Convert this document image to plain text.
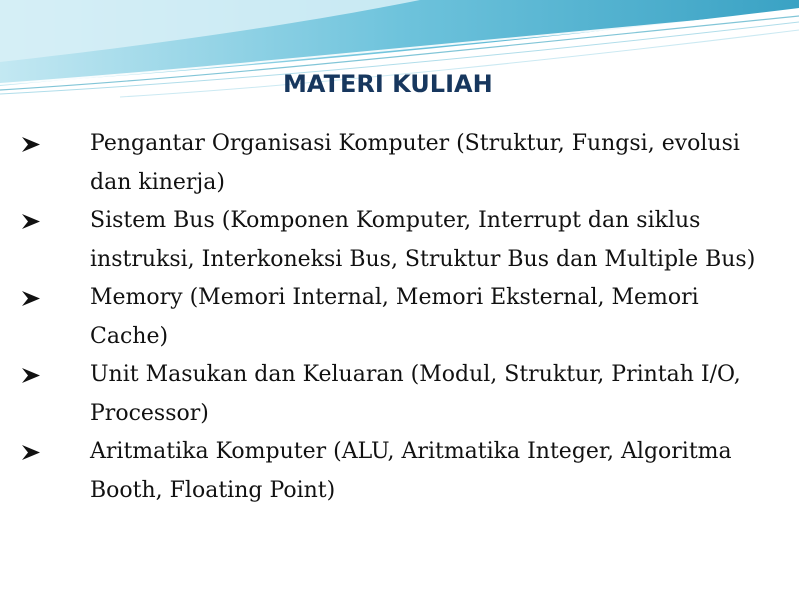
MATERI KULIAH
Pengantar Organisasi Komputer (Struktur, Fungsi, evolusi dan kinerja)
Sistem Bus (Komponen Komputer, Interrupt dan siklus instruksi, Interkoneksi Bus, Struktur Bus dan Multiple Bus)
Memory (Memori Internal, Memori Eksternal, Memori Cache)
Unit Masukan dan Keluaran (Modul, Struktur, Printah I/O, Processor)
Aritmatika Komputer (ALU, Aritmatika Integer, Algoritma Booth, Floating Point)
